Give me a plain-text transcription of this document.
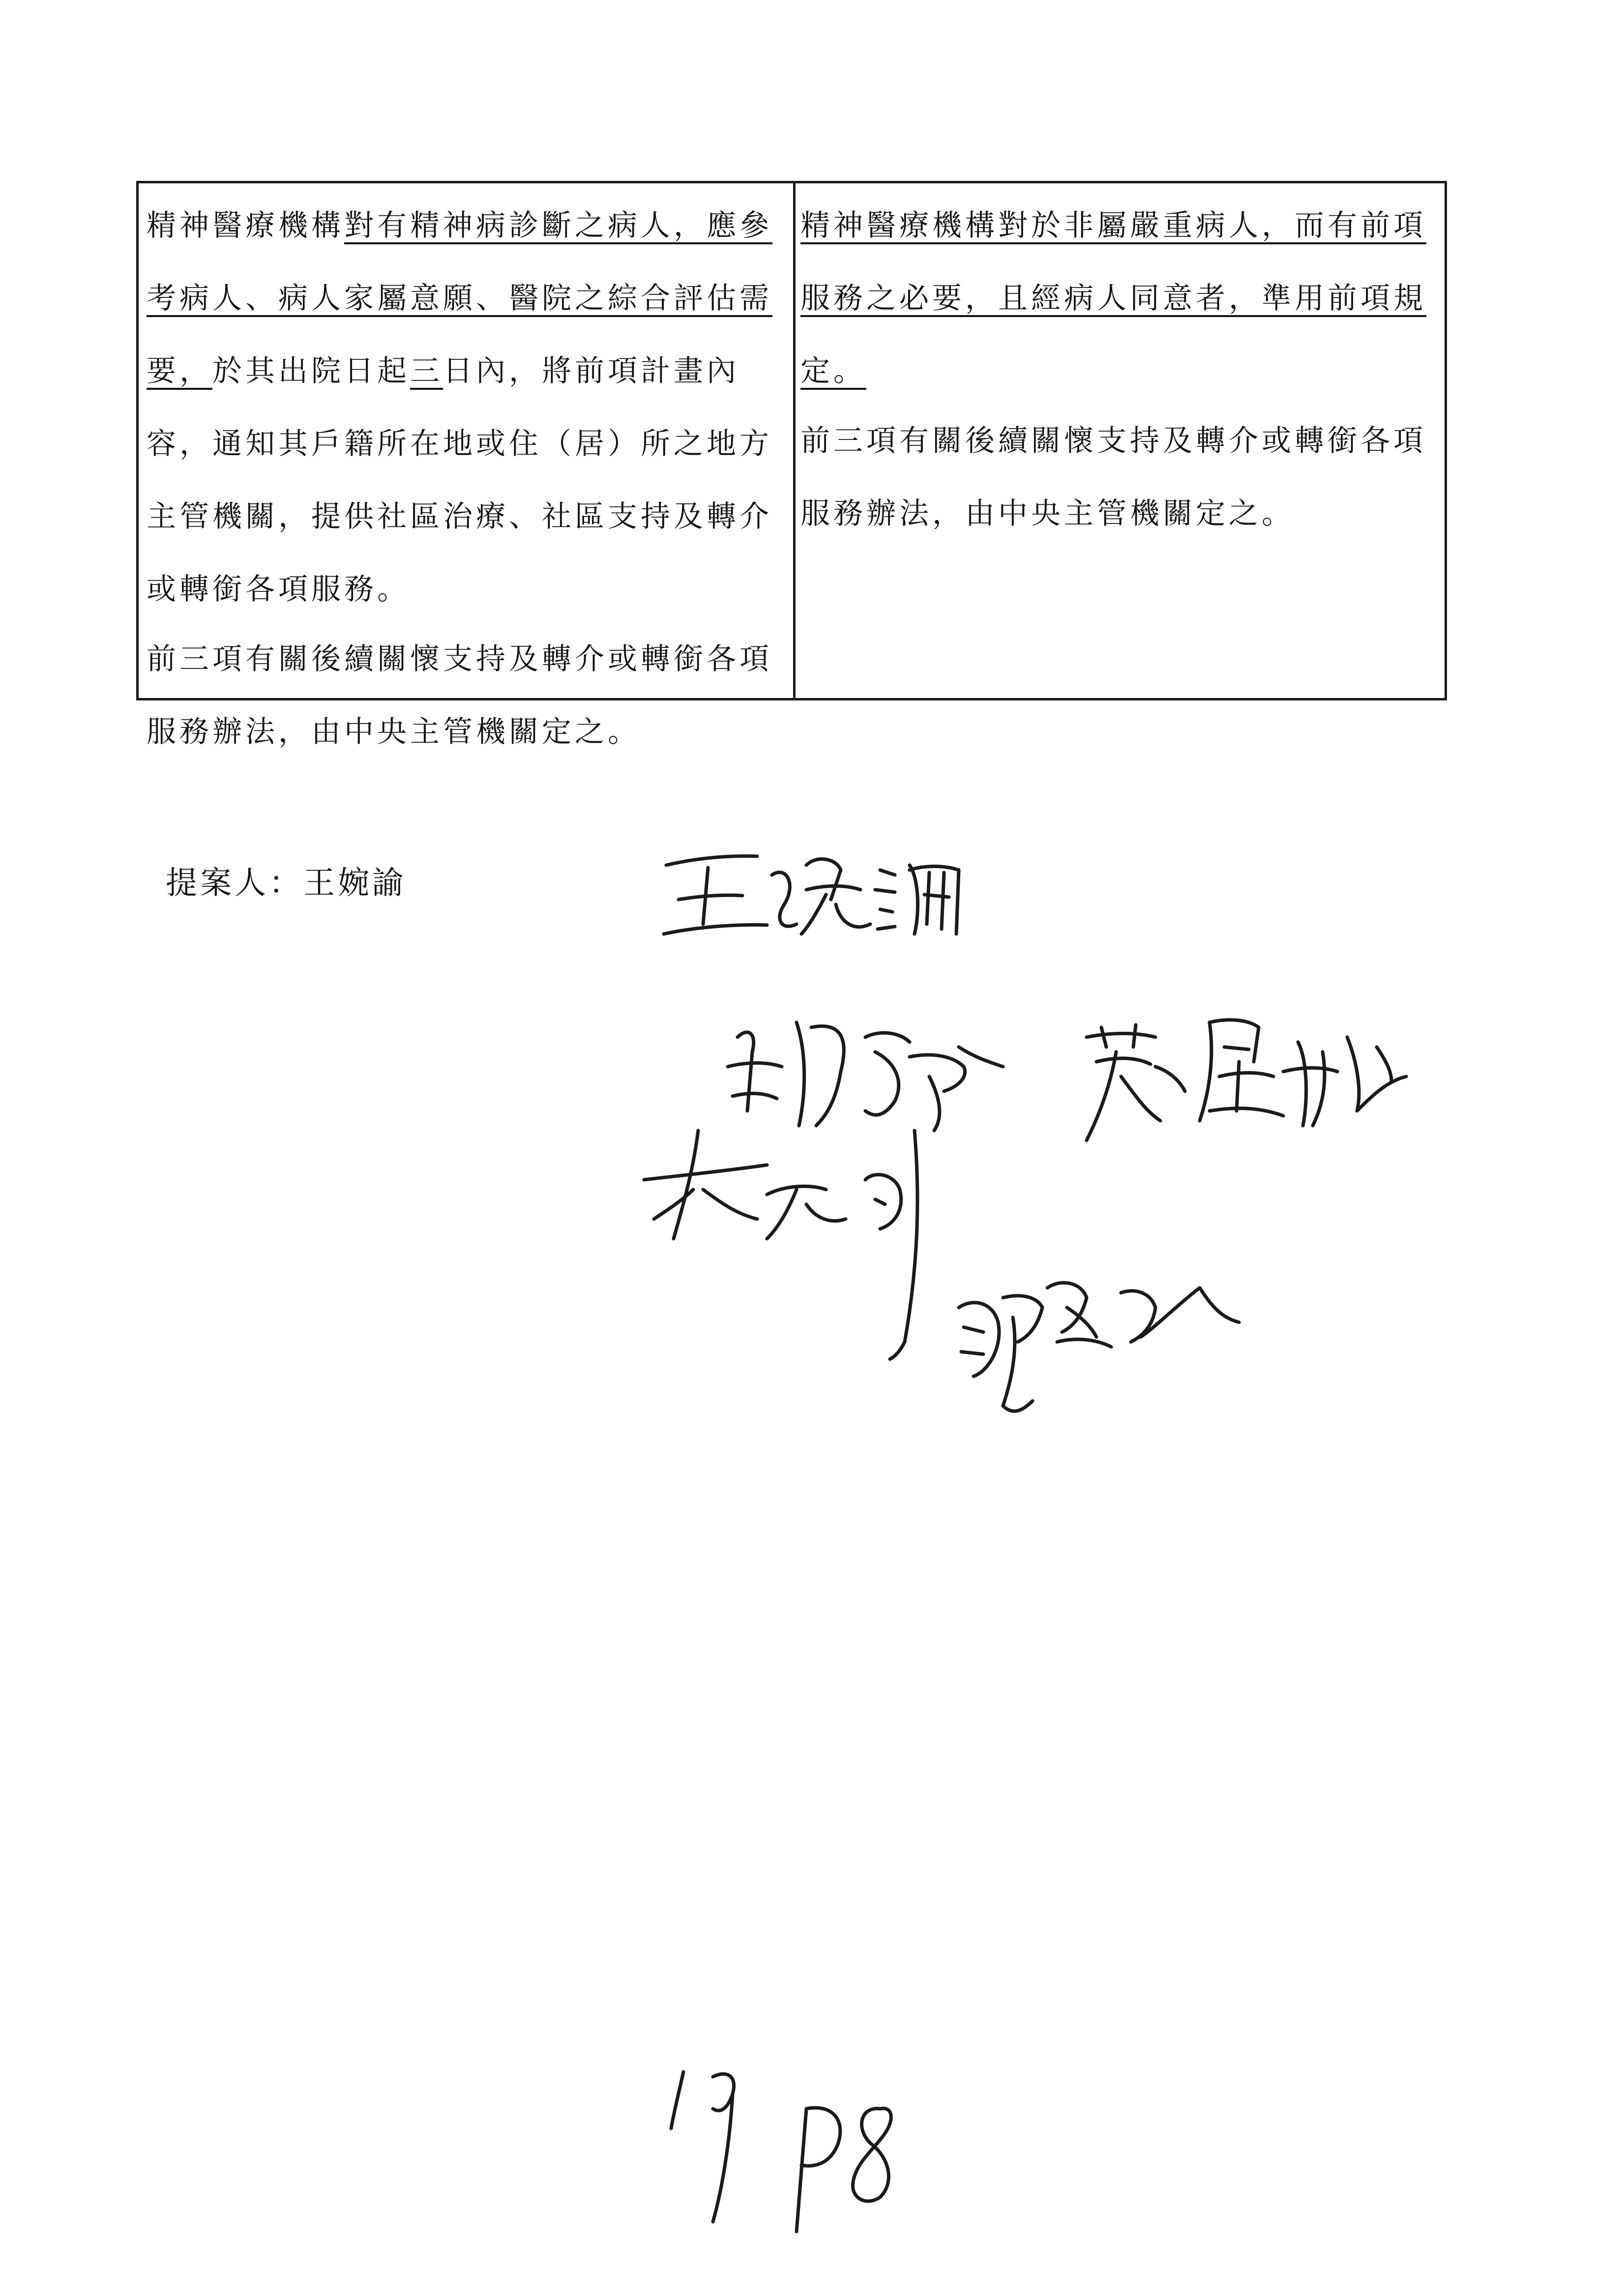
精神醫療機構對有精神病診斷之病人，應參考病人、病人家屬意願、醫院之綜合評估需要，於其出院日起三日內，將前項計畫內容，通知其戶籍所在地或住（居）所之地方主管機關，提供社區治療、社區支持及轉介或轉銜各項服務。

前三項有關後續關懷支持及轉介或轉銜各項服務辦法，由中央主管機關定之。

精神醫療機構對於非屬嚴重病人，而有前項服務之必要，且經病人同意者，準用前項規定。

前三項有關後續關懷支持及轉介或轉銜各項服務辦法，由中央主管機關定之。

提案人：王婉諭
